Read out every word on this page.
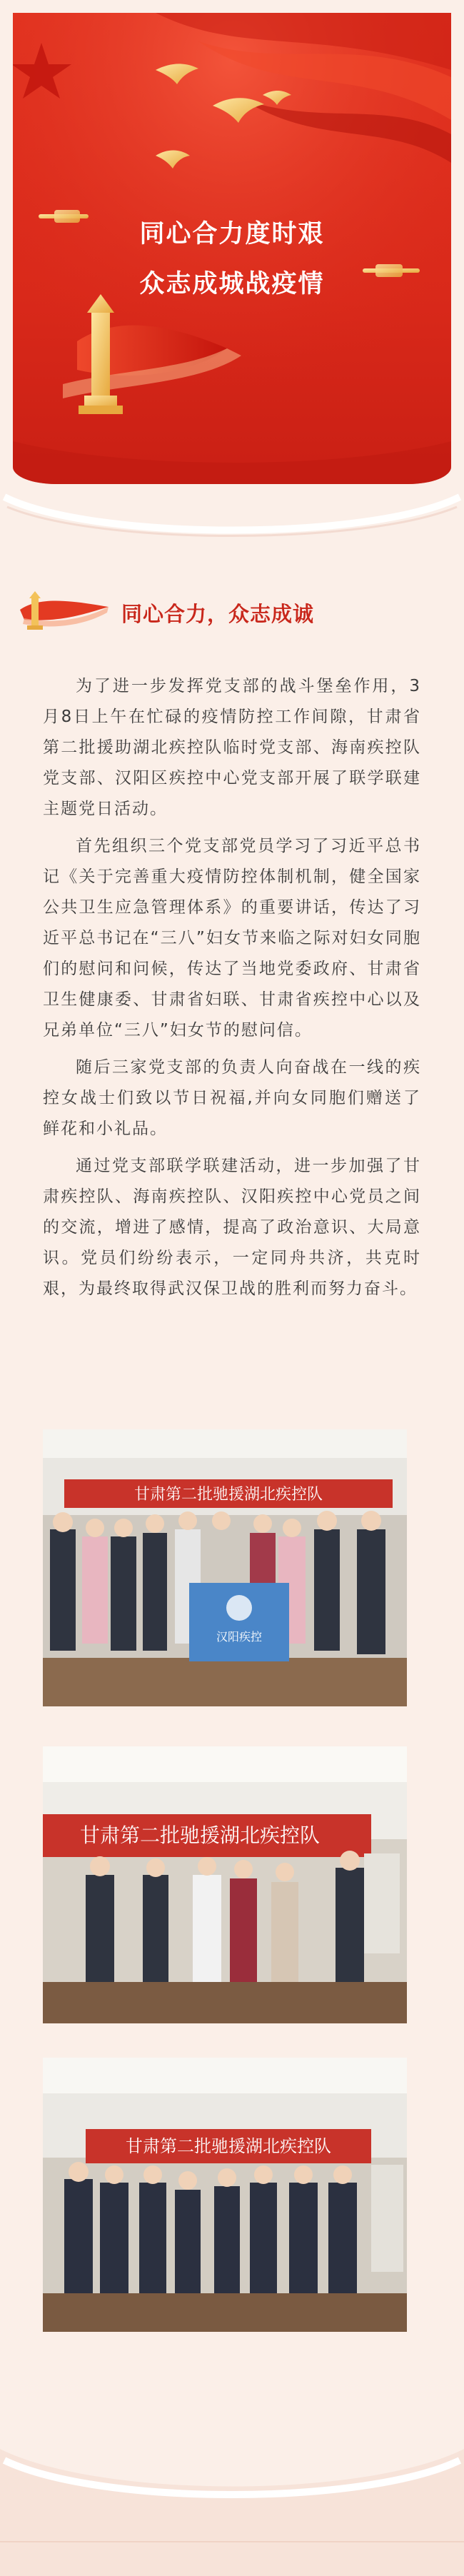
同心合力度时艰
众志成城战疫情
同心合力，众志成诚

为了进一步发挥党支部的战斗堡垒作用，3月8日上午在忙碌的疫情防控工作间隙，甘肃省第二批援助湖北疾控队临时党支部、海南疾控队党支部、汉阳区疾控中心党支部开展了联学联建主题党日活动。

首先组织三个党支部党员学习了习近平总书记《关于完善重大疫情防控体制机制，健全国家公共卫生应急管理体系》的重要讲话，传达了习近平总书记在“三八”妇女节来临之际对妇女同胞们的慰问和问候，传达了当地党委政府、甘肃省卫生健康委、甘肃省妇联、甘肃省疾控中心以及兄弟单位“三八”妇女节的慰问信。

随后三家党支部的负责人向奋战在一线的疾控女战士们致以节日祝福,并向女同胞们赠送了鲜花和小礼品。

通过党支部联学联建活动，进一步加强了甘肃疾控队、海南疾控队、汉阳疾控中心党员之间的交流，增进了感情，提高了政治意识、大局意识。党员们纷纷表示，一定同舟共济，共克时艰，为最终取得武汉保卫战的胜利而努力奋斗。

甘肃第二批驰援湖北疾控队
汉阳疾控
甘肃第二批驰援湖北疾控队
甘肃第二批驰援湖北疾控队
